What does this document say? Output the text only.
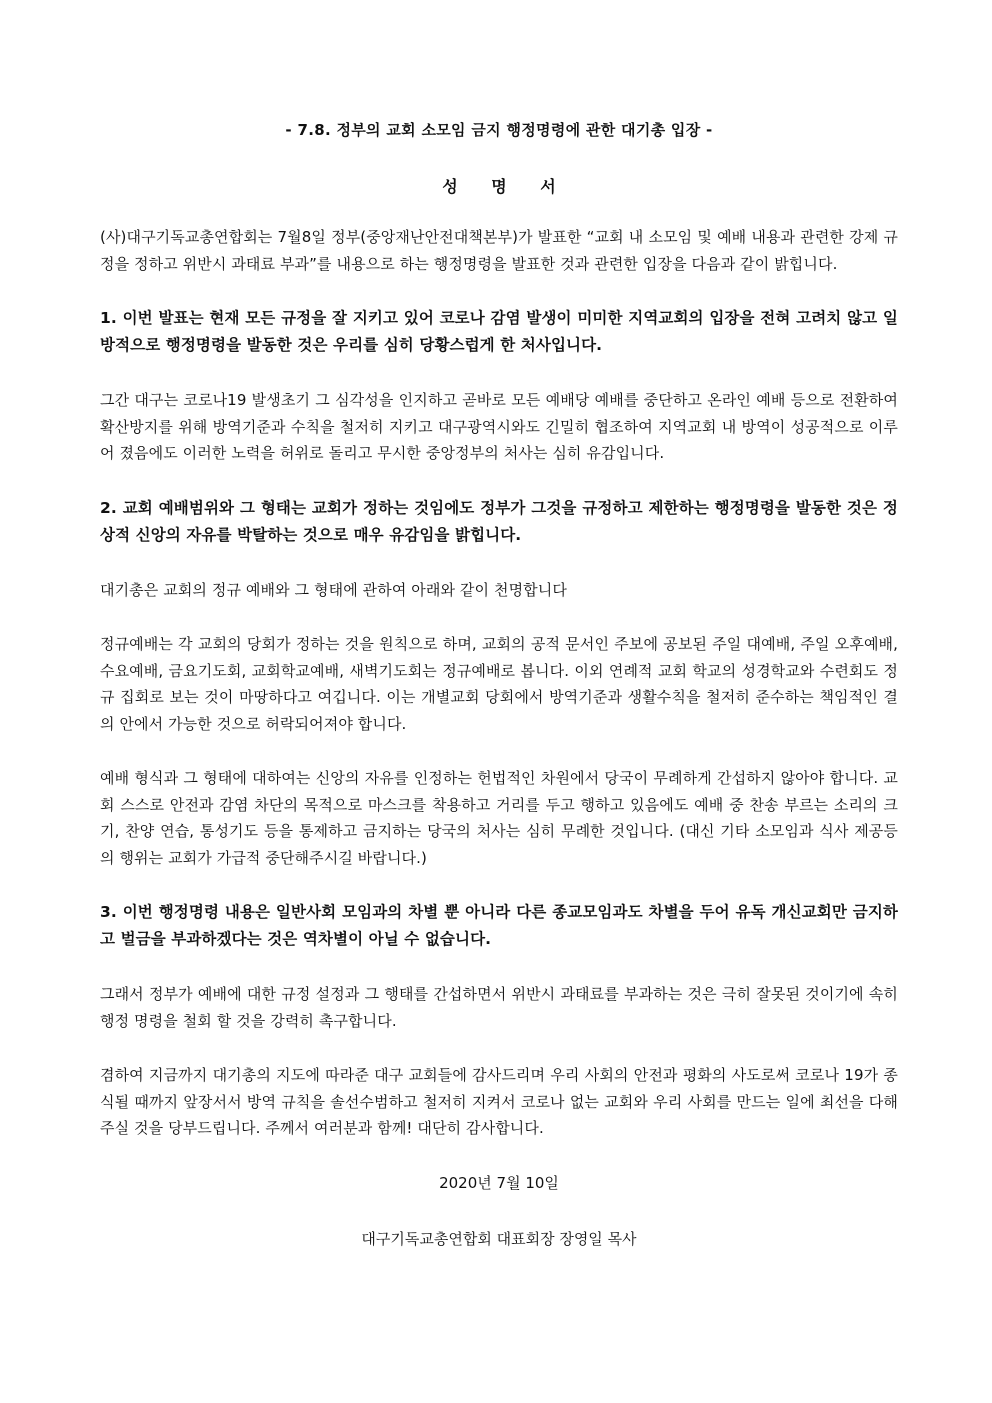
- 7.8. 정부의 교회 소모임 금지 행정명령에 관한 대기총 입장 -

성 명 서

(사)대구기독교총연합회는 7월8일 정부(중앙재난안전대책본부)가 발표한 “교회 내 소모임 및 예배 내용과 관련한 강제 규정을 정하고 위반시 과태료 부과”를 내용으로 하는 행정명령을 발표한 것과 관련한 입장을 다음과 같이 밝힙니다.

1. 이번 발표는 현재 모든 규정을 잘 지키고 있어 코로나 감염 발생이 미미한 지역교회의 입장을 전혀 고려치 않고 일방적으로 행정명령을 발동한 것은 우리를 심히 당황스럽게 한 처사입니다.

그간 대구는 코로나19 발생초기 그 심각성을 인지하고 곧바로 모든 예배당 예배를 중단하고 온라인 예배 등으로 전환하여 확산방지를 위해 방역기준과 수칙을 철저히 지키고 대구광역시와도 긴밀히 협조하여 지역교회 내 방역이 성공적으로 이루어 졌음에도 이러한 노력을 허위로 돌리고 무시한 중앙정부의 처사는 심히 유감입니다.

2. 교회 예배범위와 그 형태는 교회가 정하는 것임에도 정부가 그것을 규정하고 제한하는 행정명령을 발동한 것은 정상적 신앙의 자유를 박탈하는 것으로 매우 유감임을 밝힙니다.

대기총은 교회의 정규 예배와 그 형태에 관하여 아래와 같이 천명합니다

정규예배는 각 교회의 당회가 정하는 것을 원칙으로 하며, 교회의 공적 문서인 주보에 공보된 주일 대예배, 주일 오후예배, 수요예배, 금요기도회, 교회학교예배, 새벽기도회는 정규예배로 봅니다. 이외 연례적 교회 학교의 성경학교와 수련회도 정규 집회로 보는 것이 마땅하다고 여깁니다. 이는 개별교회 당회에서 방역기준과 생활수칙을 철저히 준수하는 책임적인 결의 안에서 가능한 것으로 허락되어져야 합니다.

예배 형식과 그 형태에 대하여는 신앙의 자유를 인정하는 헌법적인 차원에서 당국이 무례하게 간섭하지 않아야 합니다. 교회 스스로 안전과 감염 차단의 목적으로 마스크를 착용하고 거리를 두고 행하고 있음에도 예배 중 찬송 부르는 소리의 크기, 찬양 연습, 통성기도 등을 통제하고 금지하는 당국의 처사는 심히 무례한 것입니다. (대신 기타 소모임과 식사 제공등의 행위는 교회가 가급적 중단해주시길 바랍니다.)

3. 이번 행정명령 내용은 일반사회 모임과의 차별 뿐 아니라 다른 종교모임과도 차별을 두어 유독 개신교회만 금지하고 벌금을 부과하겠다는 것은 역차별이 아닐 수 없습니다.

그래서 정부가 예배에 대한 규정 설정과 그 행태를 간섭하면서 위반시 과태료를 부과하는 것은 극히 잘못된 것이기에 속히 행정 명령을 철회 할 것을 강력히 촉구합니다.

겸하여 지금까지 대기총의 지도에 따라준 대구 교회들에 감사드리며 우리 사회의 안전과 평화의 사도로써 코로나 19가 종식될 때까지 앞장서서 방역 규칙을 솔선수범하고 철저히 지켜서 코로나 없는 교회와 우리 사회를 만드는 일에 최선을 다해 주실 것을 당부드립니다. 주께서 여러분과 함께! 대단히 감사합니다.

2020년 7월 10일

대구기독교총연합회 대표회장 장영일 목사
